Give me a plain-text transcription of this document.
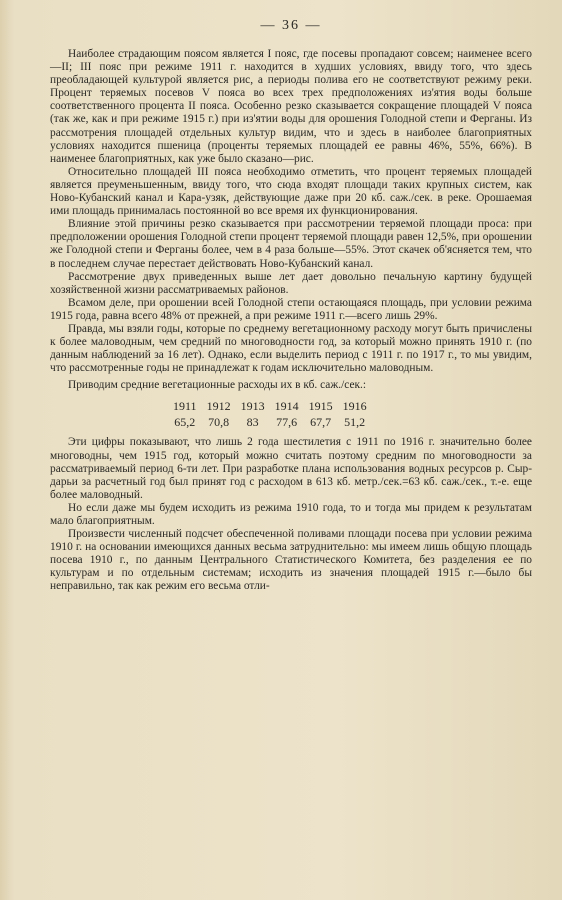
— 36 —

Наиболее страдающим поясом является I пояс, где посевы пропадают совсем; наименее всего—II; III пояс при режиме 1911 г. находится в худших условиях, ввиду того, что здесь преобладающей культурой является рис, а периоды полива его не соответствуют режиму реки. Процент теряемых посевов V пояса во всех трех предположениях из'ятия воды больше соответственного процента II пояса. Особенно резко сказывается сокращение площадей V пояса (так же, как и при режиме 1915 г.) при из'ятии воды для орошения Голодной степи и Ферганы. Из рассмотрения площадей отдельных культур видим, что и здесь в наиболее благоприятных условиях находится пшеница (проценты теряемых площадей ее равны 46%, 55%, 66%). В наименее благоприятных, как уже было сказано—рис.

Относительно площадей III пояса необходимо отметить, что процент теряемых площадей является преуменьшенным, ввиду того, что сюда входят площади таких крупных систем, как Ново-Кубанский канал и Кара-узяк, действующие даже при 20 кб. саж./сек. в реке. Орошаемая ими площадь принималась постоянной во все время их функционирования.

Влияние этой причины резко сказывается при рассмотрении теряемой площади проса: при предположении орошения Голодной степи процент теряемой площади равен 12,5%, при орошении же Голодной степи и Ферганы более, чем в 4 раза больше—55%. Этот скачек об'ясняется тем, что в последнем случае перестает действовать Ново-Кубанский канал.

Рассмотрение двух приведенных выше лет дает довольно печальную картину будущей хозяйственной жизни рассматриваемых районов.

Всамом деле, при орошении всей Голодной степи остающаяся площадь, при условии режима 1915 года, равна всего 48% от прежней, а при режиме 1911 г.—всего лишь 29%.

Правда, мы взяли годы, которые по среднему вегетационному расходу могут быть причислены к более маловодным, чем средний по многоводности год, за который можно принять 1910 г. (по данным наблюдений за 16 лет). Однако, если выделить период с 1911 г. по 1917 г., то мы увидим, что рассмотренные годы не принадлежат к годам исключительно маловодным.

Приводим средние вегетационные расходы их в кб. саж./сек.:

1911	1912	1913	1914	1915	1916
65,2	70,8	83	77,6	67,7	51,2

Эти цифры показывают, что лишь 2 года шестилетия с 1911 по 1916 г. значительно более многоводны, чем 1915 год, который можно считать поэтому средним по многоводности за рассматриваемый период 6-ти лет. При разработке плана использования водных ресурсов р. Сыр-дарьи за расчетный год был принят год с расходом в 613 кб. метр./сек.=63 кб. саж./сек., т.-е. еще более маловодный.

Но если даже мы будем исходить из режима 1910 года, то и тогда мы придем к результатам мало благоприятным.

Произвести численный подсчет обеспеченной поливами площади посева при условии режима 1910 г. на основании имеющихся данных весьма затруднительно: мы имеем лишь общую площадь посева 1910 г., по данным Центрального Статистического Комитета, без разделения ее по культурам и по отдельным системам; исходить из значения площадей 1915 г.—было бы неправильно, так как режим его весьма отли-
